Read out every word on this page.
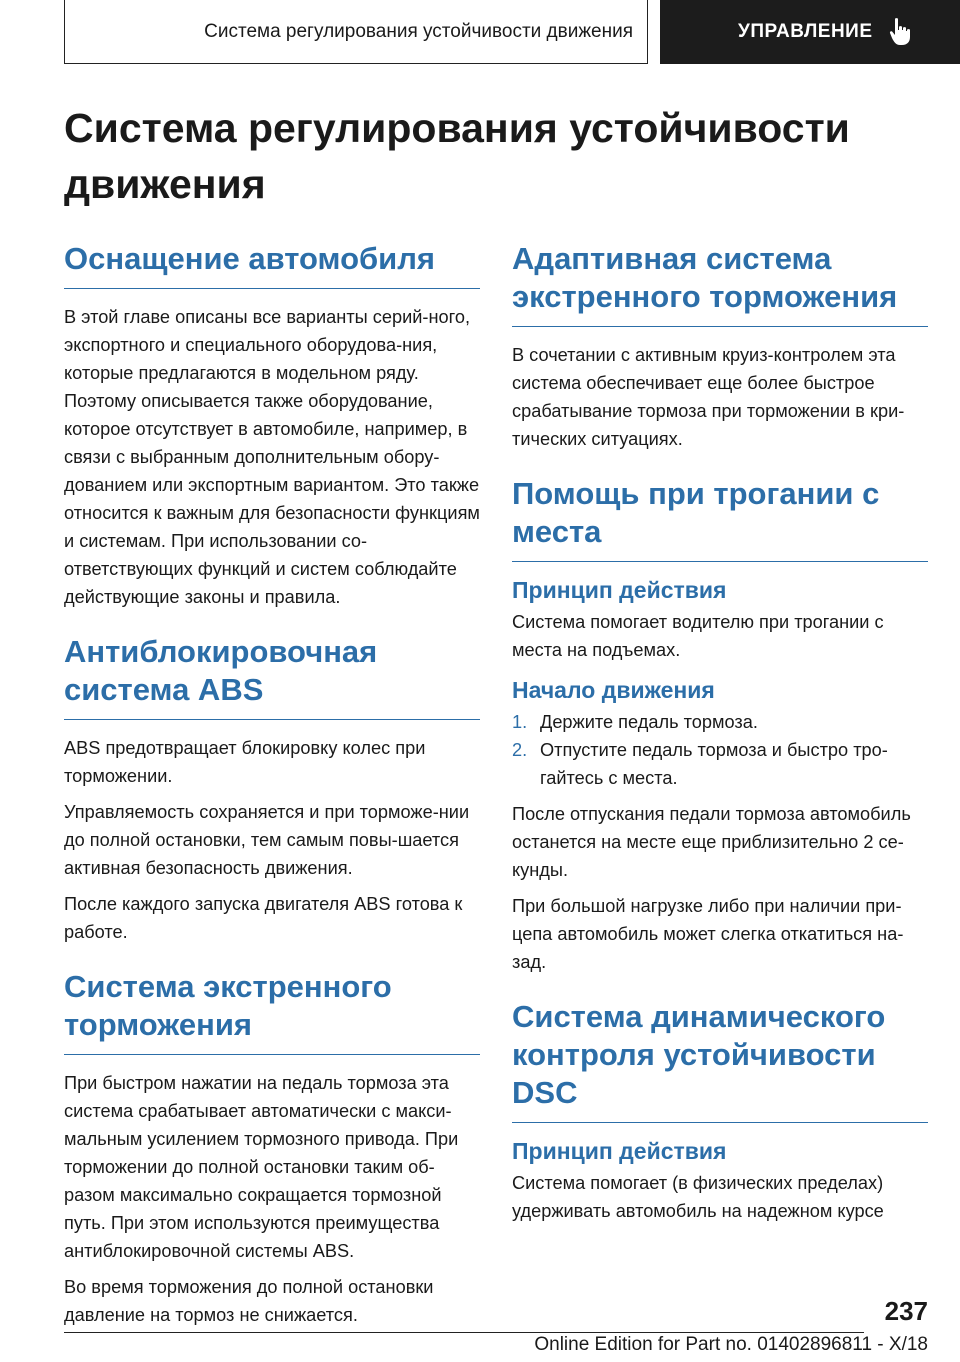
Система регулирования устойчивости движения	УПРАВЛЕНИЕ
Система регулирования устойчивости движения
Оснащение автомобиля

В этой главе описаны все варианты серий-ного, экспортного и специального оборудова-ния, которые предлагаются в модельном ряду. Поэтому описывается также оборудование, которое отсутствует в автомобиле, например, в связи с выбранным дополнительным обору-дованием или экспортным вариантом. Это также относится к важным для безопасности функциям и системам. При использовании со-ответствующих функций и систем соблюдайте действующие законы и правила.

Антиблокировочная система ABS

ABS предотвращает блокировку колес при торможении.

Управляемость сохраняется и при торможе-нии до полной остановки, тем самым повы-шается активная безопасность движения.

После каждого запуска двигателя ABS готова к работе.

Система экстренного торможения

При быстром нажатии на педаль тормоза эта система срабатывает автоматически с макси-мальным усилением тормозного привода. При торможении до полной остановки таким об-разом максимально сокращается тормозной путь. При этом используются преимущества антиблокировочной системы ABS.

Во время торможения до полной остановки давление на тормоз не снижается.

Адаптивная система экстренного торможения

В сочетании с активным круиз-контролем эта система обеспечивает еще более быстрое срабатывание тормоза при торможении в кри-тических ситуациях.

Помощь при трогании с места
Принцип действия

Система помогает водителю при трогании с места на подъемах.

Начало движения
1. Держите педаль тормоза.
2. Отпустите педаль тормоза и быстро тро-гайтесь с места.

После отпускания педали тормоза автомобиль останется на месте еще приблизительно 2 се-кунды.

При большой нагрузке либо при наличии при-цепа автомобиль может слегка откатиться на-зад.

Система динамического контроля устойчивости DSC
Принцип действия

Система помогает (в физических пределах) удерживать автомобиль на надежном курсе

237
Online Edition for Part no. 01402896811 - X/18
